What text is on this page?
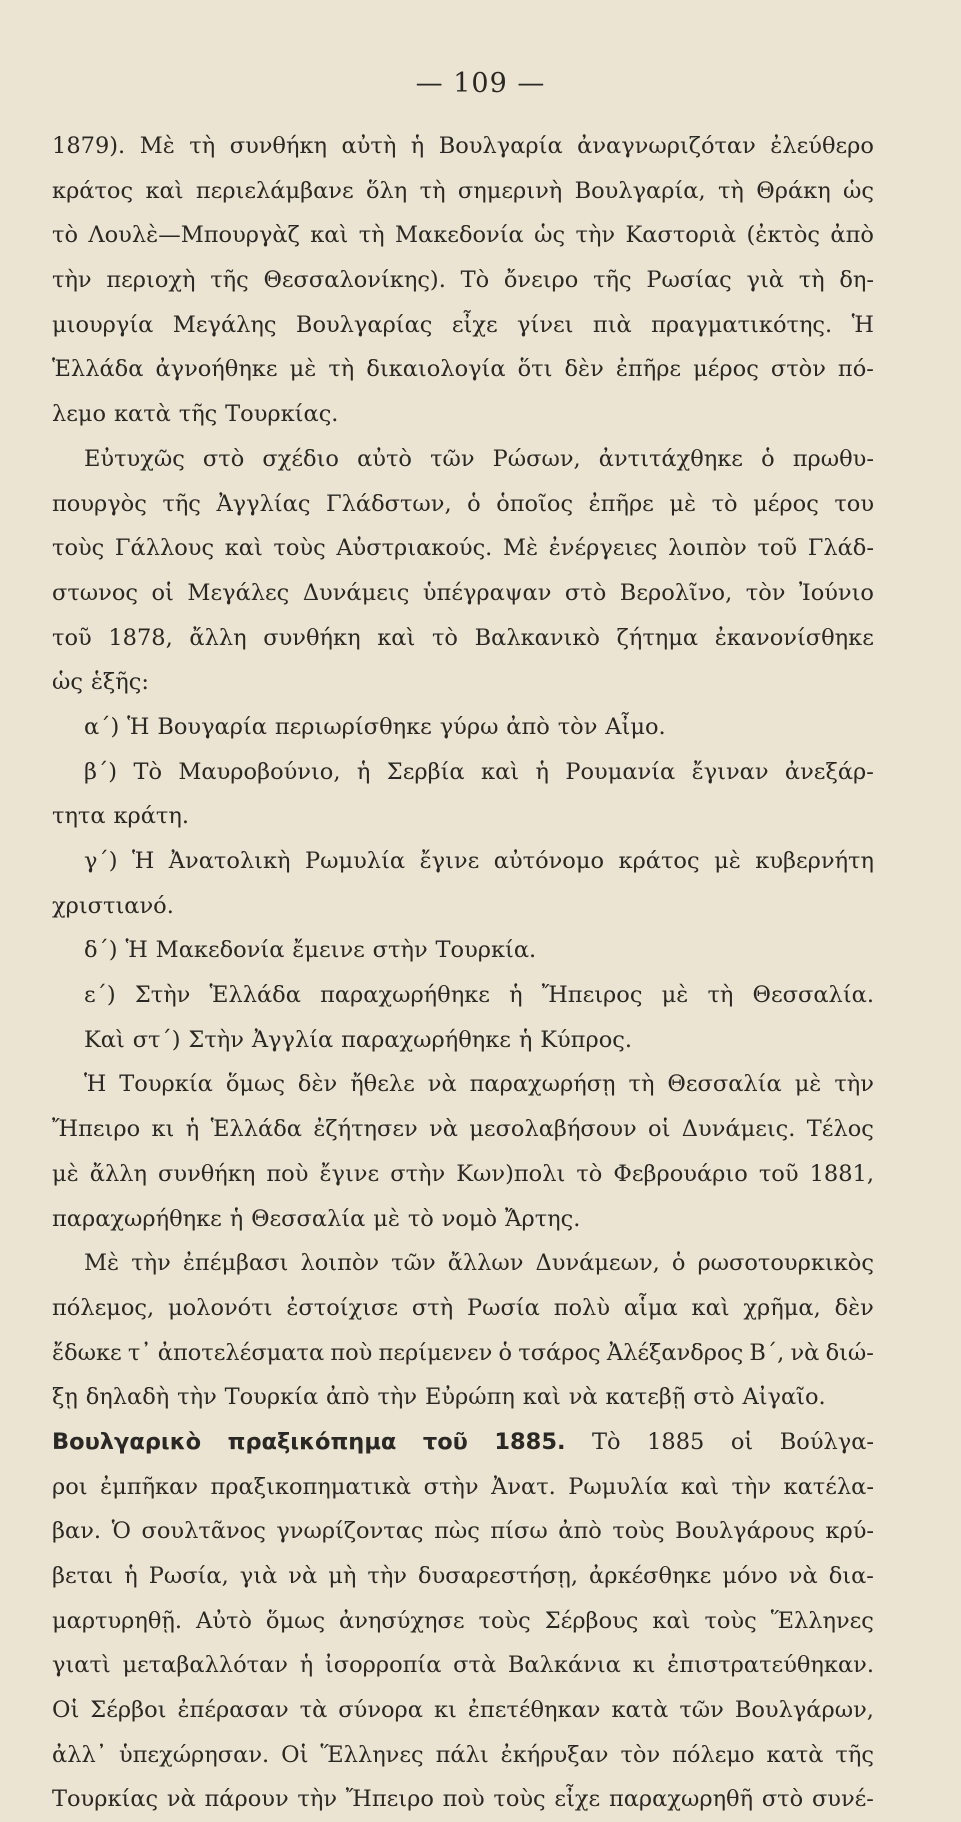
— 109 —
1879). Μὲ τὴ συνθήκη αὐτὴ ἡ Βουλγαρία ἀναγνωριζόταν ἐλεύθερο
κράτος καὶ περιελάμβανε ὅλη τὴ σημερινὴ Βουλγαρία, τὴ Θράκη ὡς
τὸ Λουλὲ—Μπουργὰζ καὶ τὴ Μακεδονία ὡς τὴν Καστοριὰ (ἐκτὸς ἀπὸ
τὴν περιοχὴ τῆς Θεσσαλονίκης). Τὸ ὄνειρο τῆς Ρωσίας γιὰ τὴ δη-
μιουργία Μεγάλης Βουλγαρίας εἶχε γίνει πιὰ πραγματικότης. Ἡ
Ἑλλάδα ἀγνοήθηκε μὲ τὴ δικαιολογία ὅτι δὲν ἐπῆρε μέρος στὸν πό-
λεμο κατὰ τῆς Τουρκίας.
Εὐτυχῶς στὸ σχέδιο αὐτὸ τῶν Ρώσων, ἀντιτάχθηκε ὁ πρωθυ-
πουργὸς τῆς Ἀγγλίας Γλάδστων, ὁ ὁποῖος ἐπῆρε μὲ τὸ μέρος του
τοὺς Γάλλους καὶ τοὺς Αὐστριακούς. Μὲ ἐνέργειες λοιπὸν τοῦ Γλάδ-
στωνος οἱ Μεγάλες Δυνάμεις ὑπέγραψαν στὸ Βερολῖνο, τὸν Ἰούνιο
τοῦ 1878, ἄλλη συνθήκη καὶ τὸ Βαλκανικὸ ζήτημα ἐκανονίσθηκε
ὡς ἑξῆς:
α΄) Ἡ Βουγαρία περιωρίσθηκε γύρω ἀπὸ τὸν Αἶμο.
β΄) Τὸ Μαυροβούνιο, ἡ Σερβία καὶ ἡ Ρουμανία ἔγιναν ἀνεξάρ-
τητα κράτη.
γ΄) Ἡ Ἀνατολικὴ Ρωμυλία ἔγινε αὐτόνομο κράτος μὲ κυβερνήτη
χριστιανό.
δ΄) Ἡ Μακεδονία ἔμεινε στὴν Τουρκία.
ε΄) Στὴν Ἑλλάδα παραχωρήθηκε ἡ Ἤπειρος μὲ τὴ Θεσσαλία.
Καὶ στ΄) Στὴν Ἀγγλία παραχωρήθηκε ἡ Κύπρος.
Ἡ Τουρκία ὅμως δὲν ἤθελε νὰ παραχωρήσῃ τὴ Θεσσαλία μὲ τὴν
Ἤπειρο κι ἡ Ἑλλάδα ἐζήτησεν νὰ μεσολαβήσουν οἱ Δυνάμεις. Τέλος
μὲ ἄλλη συνθήκη ποὺ ἔγινε στὴν Κων)πολι τὸ Φεβρουάριο τοῦ 1881,
παραχωρήθηκε ἡ Θεσσαλία μὲ τὸ νομὸ Ἄρτης.
Μὲ τὴν ἐπέμβασι λοιπὸν τῶν ἄλλων Δυνάμεων, ὁ ρωσοτουρκικὸς
πόλεμος, μολονότι ἐστοίχισε στὴ Ρωσία πολὺ αἷμα καὶ χρῆμα, δὲν
ἔδωκε τ᾿ ἀποτελέσματα ποὺ περίμενεν ὁ τσάρος Ἀλέξανδρος Β΄, νὰ διώ-
ξῃ δηλαδὴ τὴν Τουρκία ἀπὸ τὴν Εὐρώπη καὶ νὰ κατεβῇ στὸ Αἰγαῖο.
Βουλγαρικὸ πραξικόπημα τοῦ 1885. Τὸ 1885 οἱ Βούλγα-
ροι ἐμπῆκαν πραξικοπηματικὰ στὴν Ἀνατ. Ρωμυλία καὶ τὴν κατέλα-
βαν. Ὁ σουλτᾶνος γνωρίζοντας πὼς πίσω ἀπὸ τοὺς Βουλγάρους κρύ-
βεται ἡ Ρωσία, γιὰ νὰ μὴ τὴν δυσαρεστήσῃ, ἀρκέσθηκε μόνο νὰ δια-
μαρτυρηθῇ. Αὐτὸ ὅμως ἀνησύχησε τοὺς Σέρβους καὶ τοὺς Ἕλληνες
γιατὶ μεταβαλλόταν ἡ ἰσορροπία στὰ Βαλκάνια κι ἐπιστρατεύθηκαν.
Οἱ Σέρβοι ἐπέρασαν τὰ σύνορα κι ἐπετέθηκαν κατὰ τῶν Βουλγάρων,
ἀλλ᾿ ὑπεχώρησαν. Οἱ Ἕλληνες πάλι ἐκήρυξαν τὸν πόλεμο κατὰ τῆς
Τουρκίας νὰ πάρουν τὴν Ἤπειρο ποὺ τοὺς εἶχε παραχωρηθῆ στὸ συνέ-
